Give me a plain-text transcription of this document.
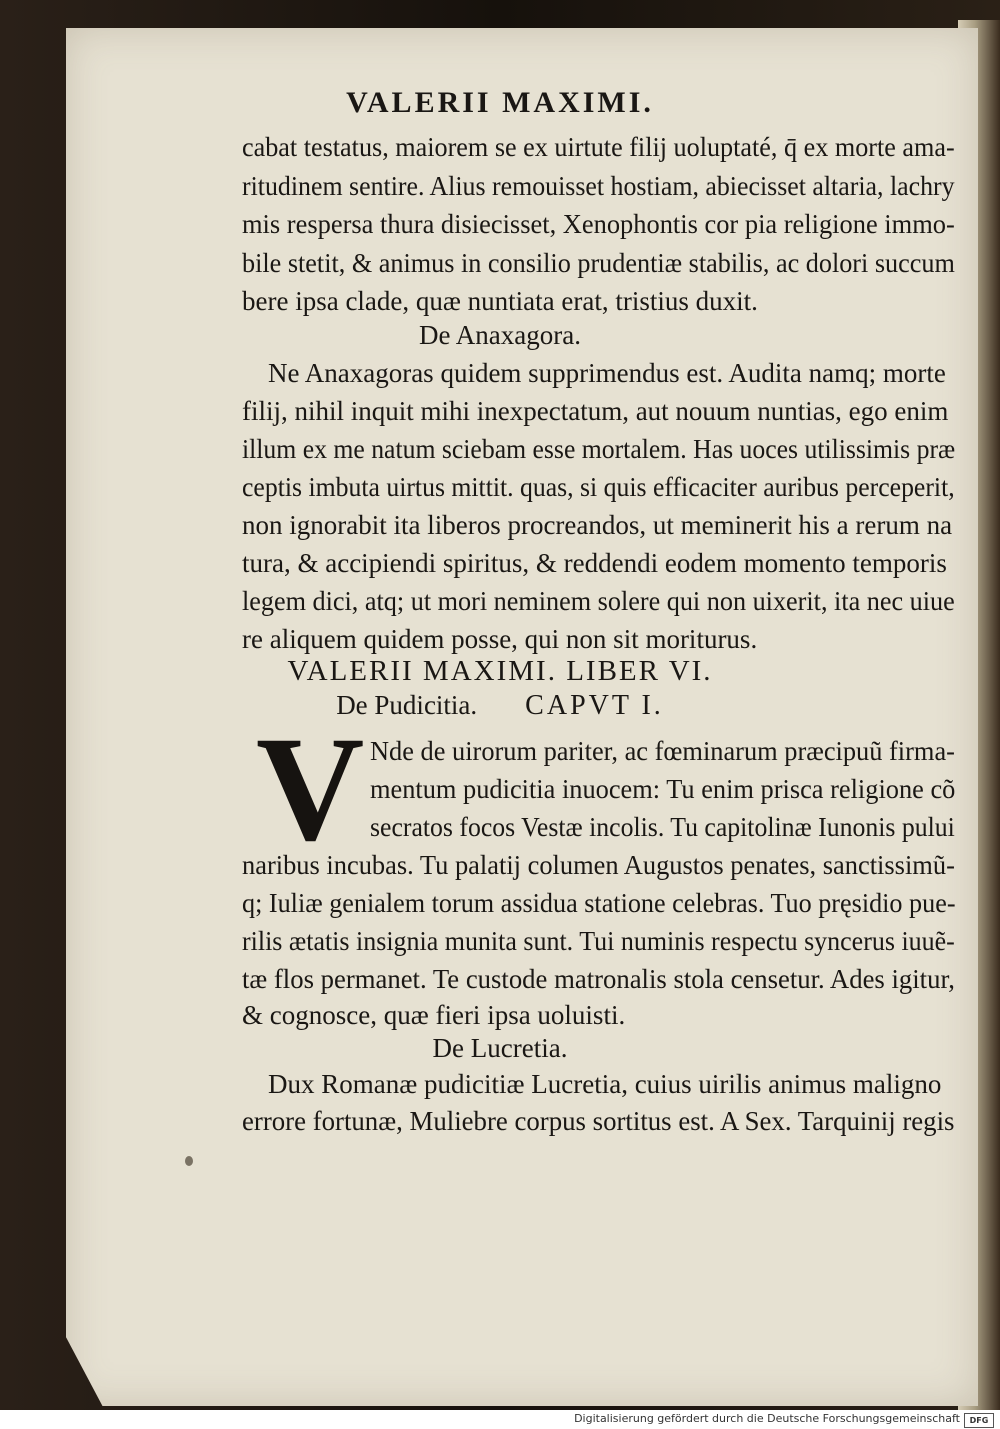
VALERII MAXIMI.

cabat testatus, maiorem se ex uirtute filij uoluptaté, q̄ ex morte ama-

ritudinem sentire. Alius remouisset hostiam, abiecisset altaria, lachry

mis respersa thura disiecisset, Xenophontis cor pia religione immo-

bile stetit, & animus in consilio prudentiæ stabilis, ac dolori succum

bere ipsa clade, quæ nuntiata erat, tristius duxit.

De Anaxagora.

Ne Anaxagoras quidem supprimendus est. Audita namq; morte

filij, nihil inquit mihi inexpectatum, aut nouum nuntias, ego enim

illum ex me natum sciebam esse mortalem. Has uoces utilissimis præ

ceptis imbuta uirtus mittit. quas, si quis efficaciter auribus perceperit,

non ignorabit ita liberos procreandos, ut meminerit his a rerum na

tura, & accipiendi spiritus, & reddendi eodem momento temporis

legem dici, atq; ut mori neminem solere qui non uixerit, ita nec uiue

re aliquem quidem posse, qui non sit moriturus.

VALERII MAXIMI. LIBER VI.

De Pudicitia. CAPVT I.

V Nde de uirorum pariter, ac fœminarum præcipuũ firma-

mentum pudicitia inuocem: Tu enim prisca religione cõ

secratos focos Vestæ incolis. Tu capitolinæ Iunonis pului

naribus incubas. Tu palatij columen Augustos penates, sanctissimũ-

q; Iuliæ genialem torum assidua statione celebras. Tuo pręsidio pue-

rilis ætatis insignia munita sunt. Tui numinis respectu syncerus iuuẽ-

tæ flos permanet. Te custode matronalis stola censetur. Ades igitur,

& cognosce, quæ fieri ipsa uoluisti.

De Lucretia.

Dux Romanæ pudicitiæ Lucretia, cuius uirilis animus maligno

errore fortunæ, Muliebre corpus sortitus est. A Sex. Tarquinij regis

Digitalisierung gefördert durch die Deutsche Forschungsgemeinschaft	DFG
